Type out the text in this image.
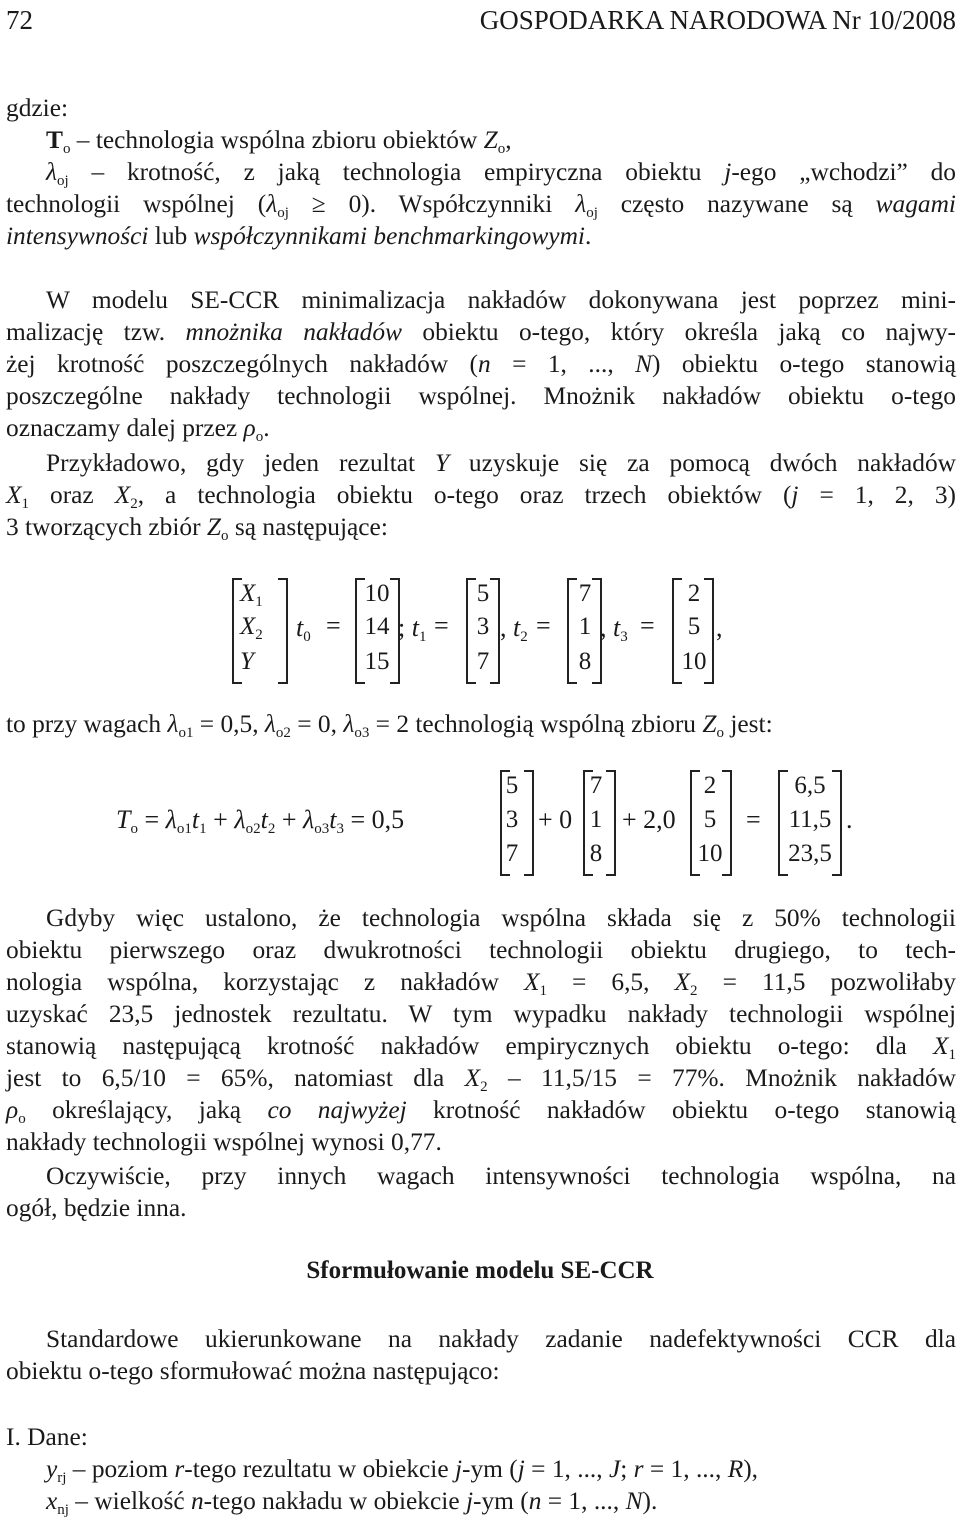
72	GOSPODARKA NARODOWA Nr 10/2008
gdzie:
$T_o$ – technologia wspólna zbioru obiektów $Z_o$,
$\lambda_{oj}$ – krotność, z jaką technologia empiryczna obiektu j-ego „wchodzi” do
technologii wspólnej $(\lambda_{oj} \ge 0)$. Współczynniki $\lambda_{oj}$ często nazywane są wagami
intensywności lub współczynnikami benchmarkingowymi.
W modelu SE-CCR minimalizacja nakładów dokonywana jest poprzez mini-
malizację tzw. mnożnika nakładów obiektu o-tego, który określa jaką co najwy-
żej krotność poszczególnych nakładów (n = 1, ..., N) obiektu o-tego stanowią
poszczególne nakłady technologii wspólnej. Mnożnik nakładów obiektu o-tego
oznaczamy dalej przez $\rho_o$.
Przykładowo, gdy jeden rezultat Y uzyskuje się za pomocą dwóch nakładów
$X_1$ oraz $X_2$, a technologia obiektu o-tego oraz trzech obiektów (j = 1, 2, 3)
3 tworzących zbiór $Z_o$ są następujące:
$X_1$
$X_2$
Y
$t_0$ =
10
14
15
; $t_1$ =
5
3
7
, $t_2$ =
7
1
8
, $t_3$ =
2
5
10
,
to przy wagach $\lambda_{o1} = 0,5$, $\lambda_{o2} = 0$, $\lambda_{o3} = 2$ technologią wspólną zbioru $Z_o$ jest:
$T_o = \lambda_{o1}t_1 + \lambda_{o2}t_2 + \lambda_{o3}t_3 = 0,5$
5
3
7
+ 0
7
1
8
+ 2,0
2
5
10
=
6,5
11,5
23,5
.
Gdyby więc ustalono, że technologia wspólna składa się z 50% technologii
obiektu pierwszego oraz dwukrotności technologii obiektu drugiego, to tech-
nologia wspólna, korzystając z nakładów $X_1 = 6,5$, $X_2 = 11,5$ pozwoliłaby
uzyskać 23,5 jednostek rezultatu. W tym wypadku nakłady technologii wspólnej
stanowią następującą krotność nakładów empirycznych obiektu o-tego: dla $X_1$
jest to 6,5/10 = 65%, natomiast dla $X_2 - 11,5/15 = 77\%$. Mnożnik nakładów
$\rho_o$ określający, jaką co najwyżej krotność nakładów obiektu o-tego stanowią
nakłady technologii wspólnej wynosi 0,77.
Oczywiście, przy innych wagach intensywności technologia wspólna, na
ogół, będzie inna.
Sformułowanie modelu SE-CCR
Standardowe ukierunkowane na nakłady zadanie nadefektywności CCR dla
obiektu o-tego sformułować można następująco:
I. Dane:
$y_{rj}$ – poziom r-tego rezultatu w obiekcie j-ym (j = 1, ..., J; r = 1, ..., R),
$x_{nj}$ – wielkość n-tego nakładu w obiekcie j-ym (n = 1, ..., N).
